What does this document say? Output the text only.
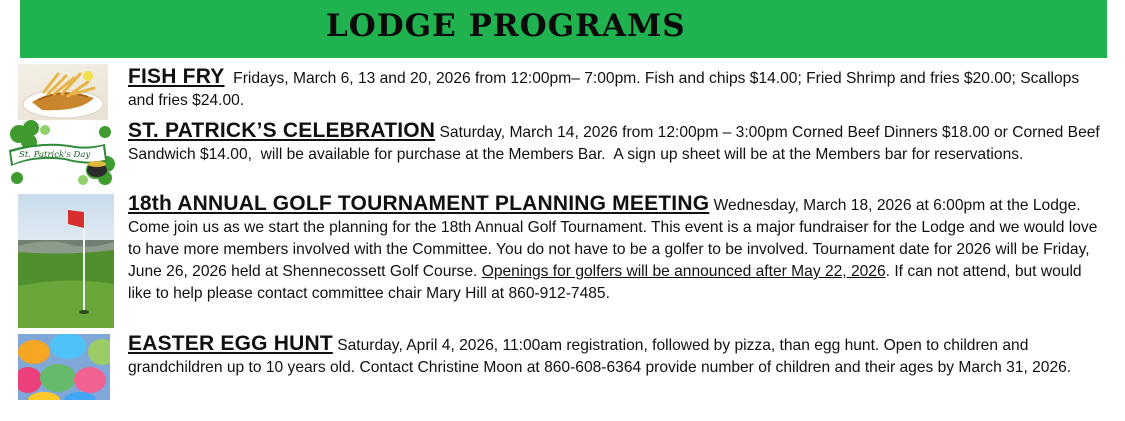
LODGE PROGRAMS
St. Patrick's Day

FISH FRY  Fridays, March 6, 13 and 20, 2026 from 12:00pm– 7:00pm. Fish and chips $14.00; Fried Shrimp and fries $20.00; Scallops and fries $24.00.

ST. PATRICK’S CELEBRATION Saturday, March 14, 2026 from 12:00pm – 3:00pm Corned Beef Dinners $18.00 or Corned Beef Sandwich $14.00,  will be available for purchase at the Members Bar.  A sign up sheet will be at the Members bar for reservations.

18th ANNUAL GOLF TOURNAMENT PLANNING MEETING Wednesday, March 18, 2026 at 6:00pm at the Lodge. Come join us as we start the planning for the 18th Annual Golf Tournament. This event is a major fundraiser for the Lodge and we would love to have more members involved with the Committee. You do not have to be a golfer to be involved. Tournament date for 2026 will be Friday, June 26, 2026 held at Shennecossett Golf Course. Openings for golfers will be announced after May 22, 2026. If can not attend, but would like to help please contact committee chair Mary Hill at 860-912-7485.

EASTER EGG HUNT Saturday, April 4, 2026, 11:00am registration, followed by pizza, than egg hunt. Open to children and grandchildren up to 10 years old. Contact Christine Moon at 860-608-6364 provide number of children and their ages by March 31, 2026.
